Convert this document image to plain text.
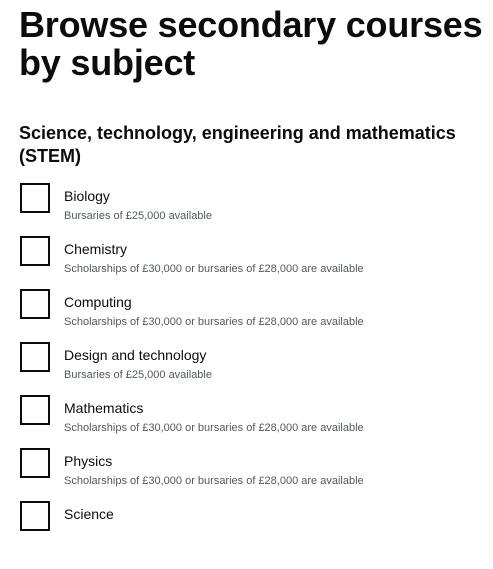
Browse secondary courses
by subject
Science, technology, engineering and mathematics (STEM)
Biology
Bursaries of £25,000 available
Chemistry
Scholarships of £30,000 or bursaries of £28,000 are available
Computing
Scholarships of £30,000 or bursaries of £28,000 are available
Design and technology
Bursaries of £25,000 available
Mathematics
Scholarships of £30,000 or bursaries of £28,000 are available
Physics
Scholarships of £30,000 or bursaries of £28,000 are available
Science
